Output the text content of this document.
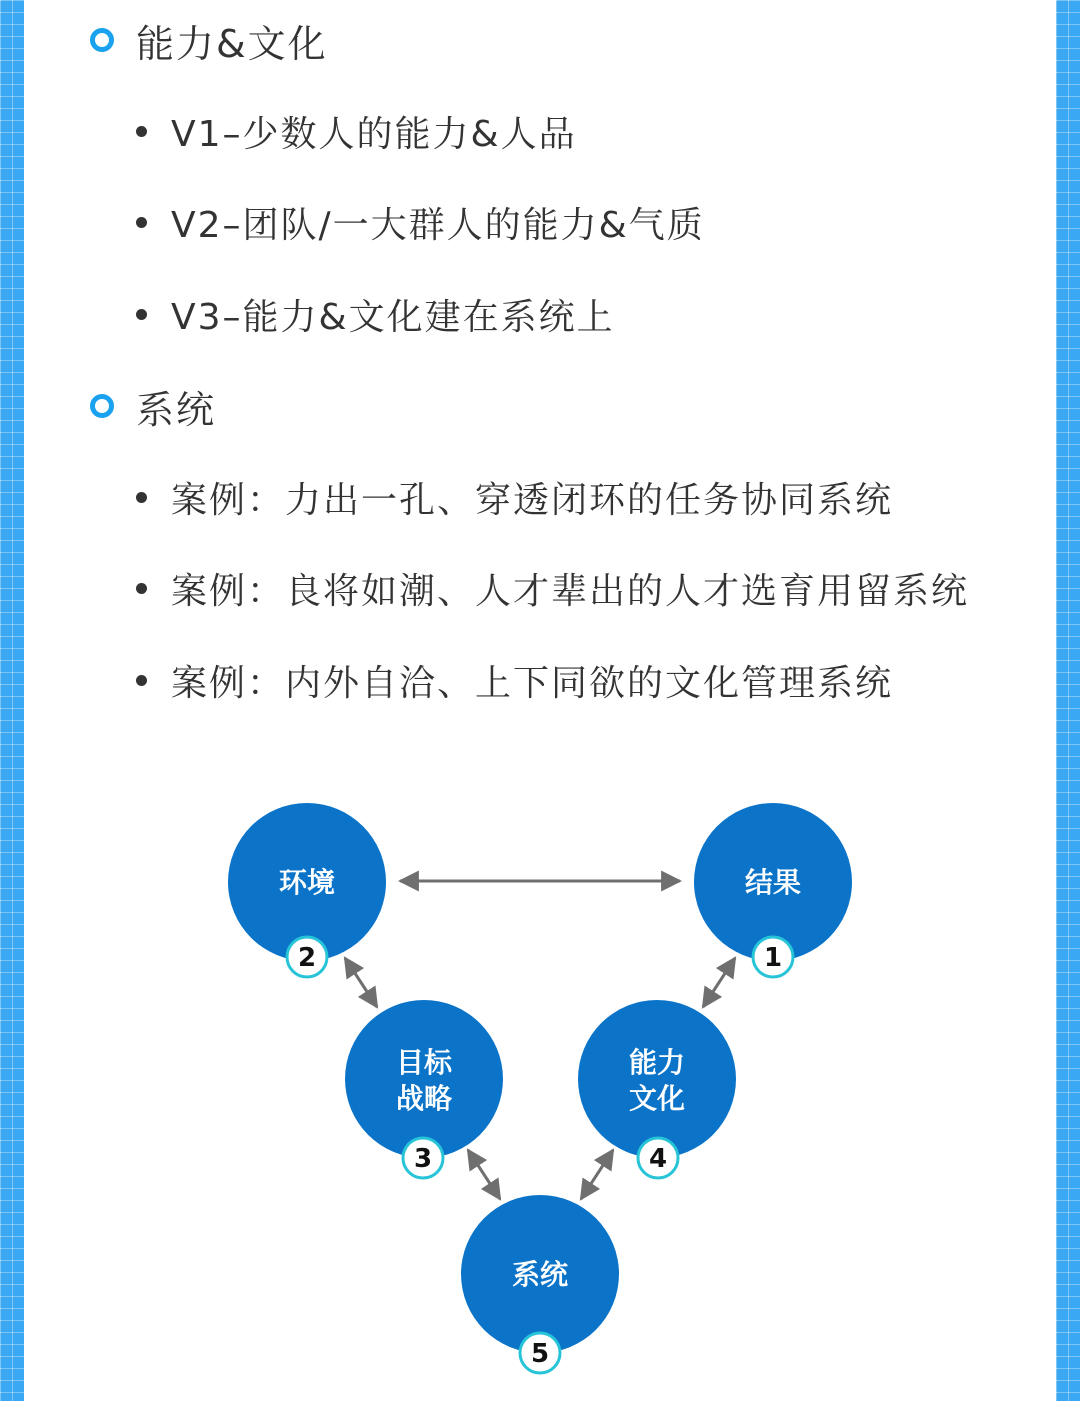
能力&文化
V1–少数人的能力&人品
V2–团队/一大群人的能力&气质
V3–能力&文化建在系统上
系统
案例：力出一孔、穿透闭环的任务协同系统
案例：良将如潮、人才辈出的人才选育用留系统
案例：内外自洽、上下同欲的文化管理系统
结果
1
环境
2
目标
战略
3
能力
文化
4
系统
5
